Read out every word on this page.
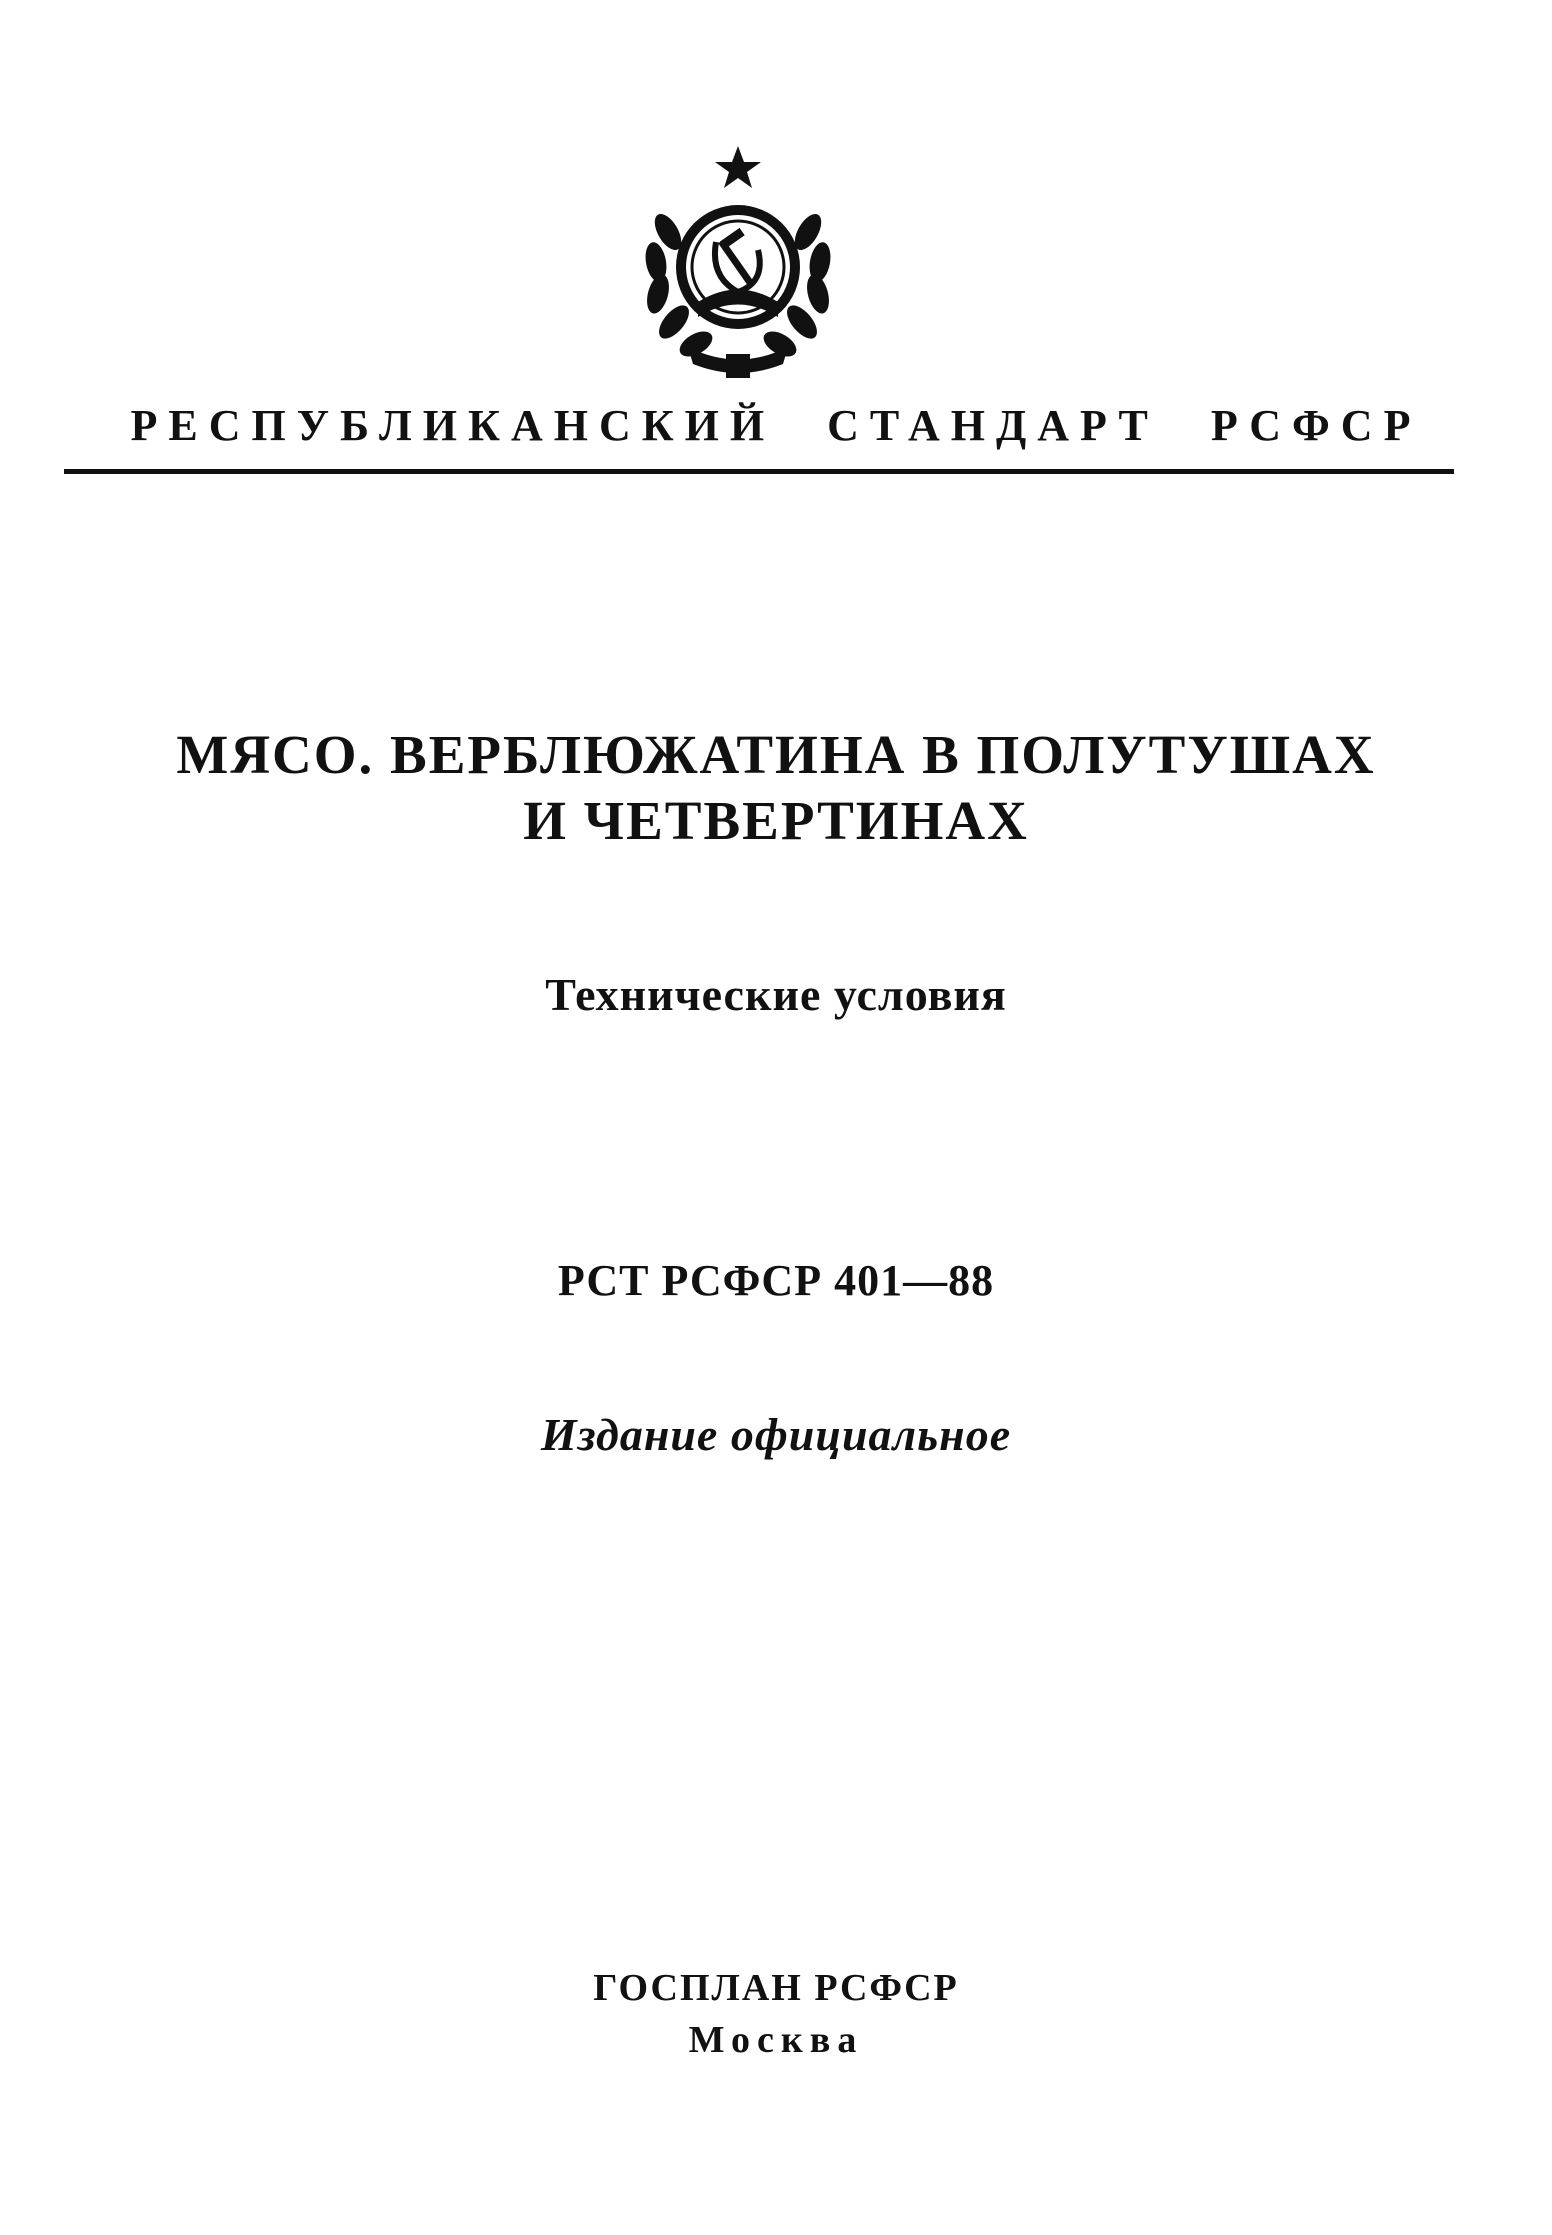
РЕСПУБЛИКАНСКИЙ СТАНДАРТ РСФСР
МЯСО. ВЕРБЛЮЖАТИНА В ПОЛУТУШАХ
И ЧЕТВЕРТИНАХ
Технические условия
РСТ РСФСР 401—88
Издание официальное
ГОСПЛАН РСФСР
Москва
